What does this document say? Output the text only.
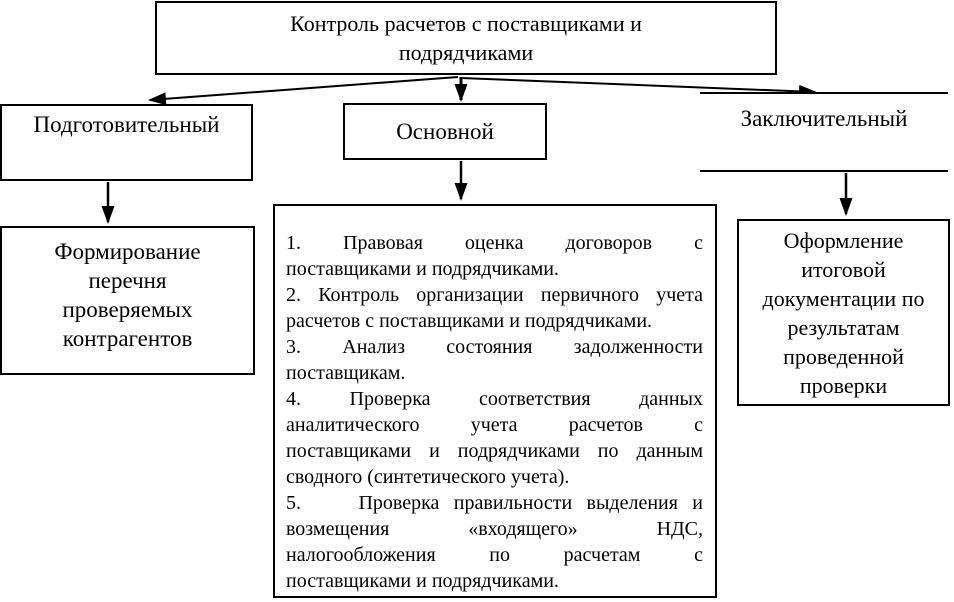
Контроль расчетов с поставщиками и
подрядчиками
Подготовительный	Основной	Заключительный
Формирование
перечня
проверяемых
контрагентов
1. Правовая оценка договоров с
поставщиками и подрядчиками.
2. Контроль организации первичного учета
расчетов с поставщиками и подрядчиками.
3. Анализ состояния задолженности
поставщикам.
4. Проверка соответствия данных
аналитического учета расчетов с
поставщиками и подрядчиками по данным
сводного (синтетического учета).
5.    Проверка правильности выделения и
возмещения «входящего» НДС,
налогообложения по расчетам с
поставщиками и подрядчиками.
Оформление
итоговой
документации по
результатам
проведенной
проверки
